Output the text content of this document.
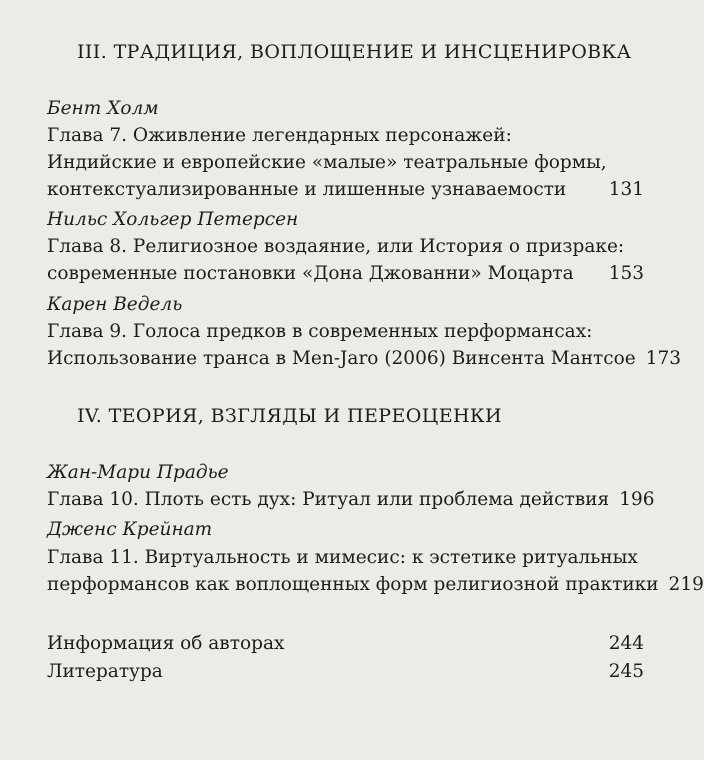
⠀
III. ТРАДИЦИЯ, ВОПЛОЩЕНИЕ И ИНСЦЕНИРОВКА
Бент Холм
Глава 7. Оживление легендарных персонажей:
Индийские и европейские «малые» театральные формы,
контекстуализированные и лишенные узнаваемости 131
Нильс Хольгер Петерсен
Глава 8. Религиозное воздаяние, или История о призраке:
современные постановки «Дона Джованни» Моцарта 153
Карен Ведель
Глава 9. Голоса предков в современных перформансах:
Использование транса в Men-Jaro (2006) Винсента Мантсое 173
IV. ТЕОРИЯ, ВЗГЛЯДЫ И ПЕРЕОЦЕНКИ
Жан-Мари Прадье
Глава 10. Плоть есть дух: Ритуал или проблема действия 196
Дженс Крейнат
Глава 11. Виртуальность и мимесис: к эстетике ритуальных
перформансов как воплощенных форм религиозной практики 219
Информация об авторах	244
Литература	245
